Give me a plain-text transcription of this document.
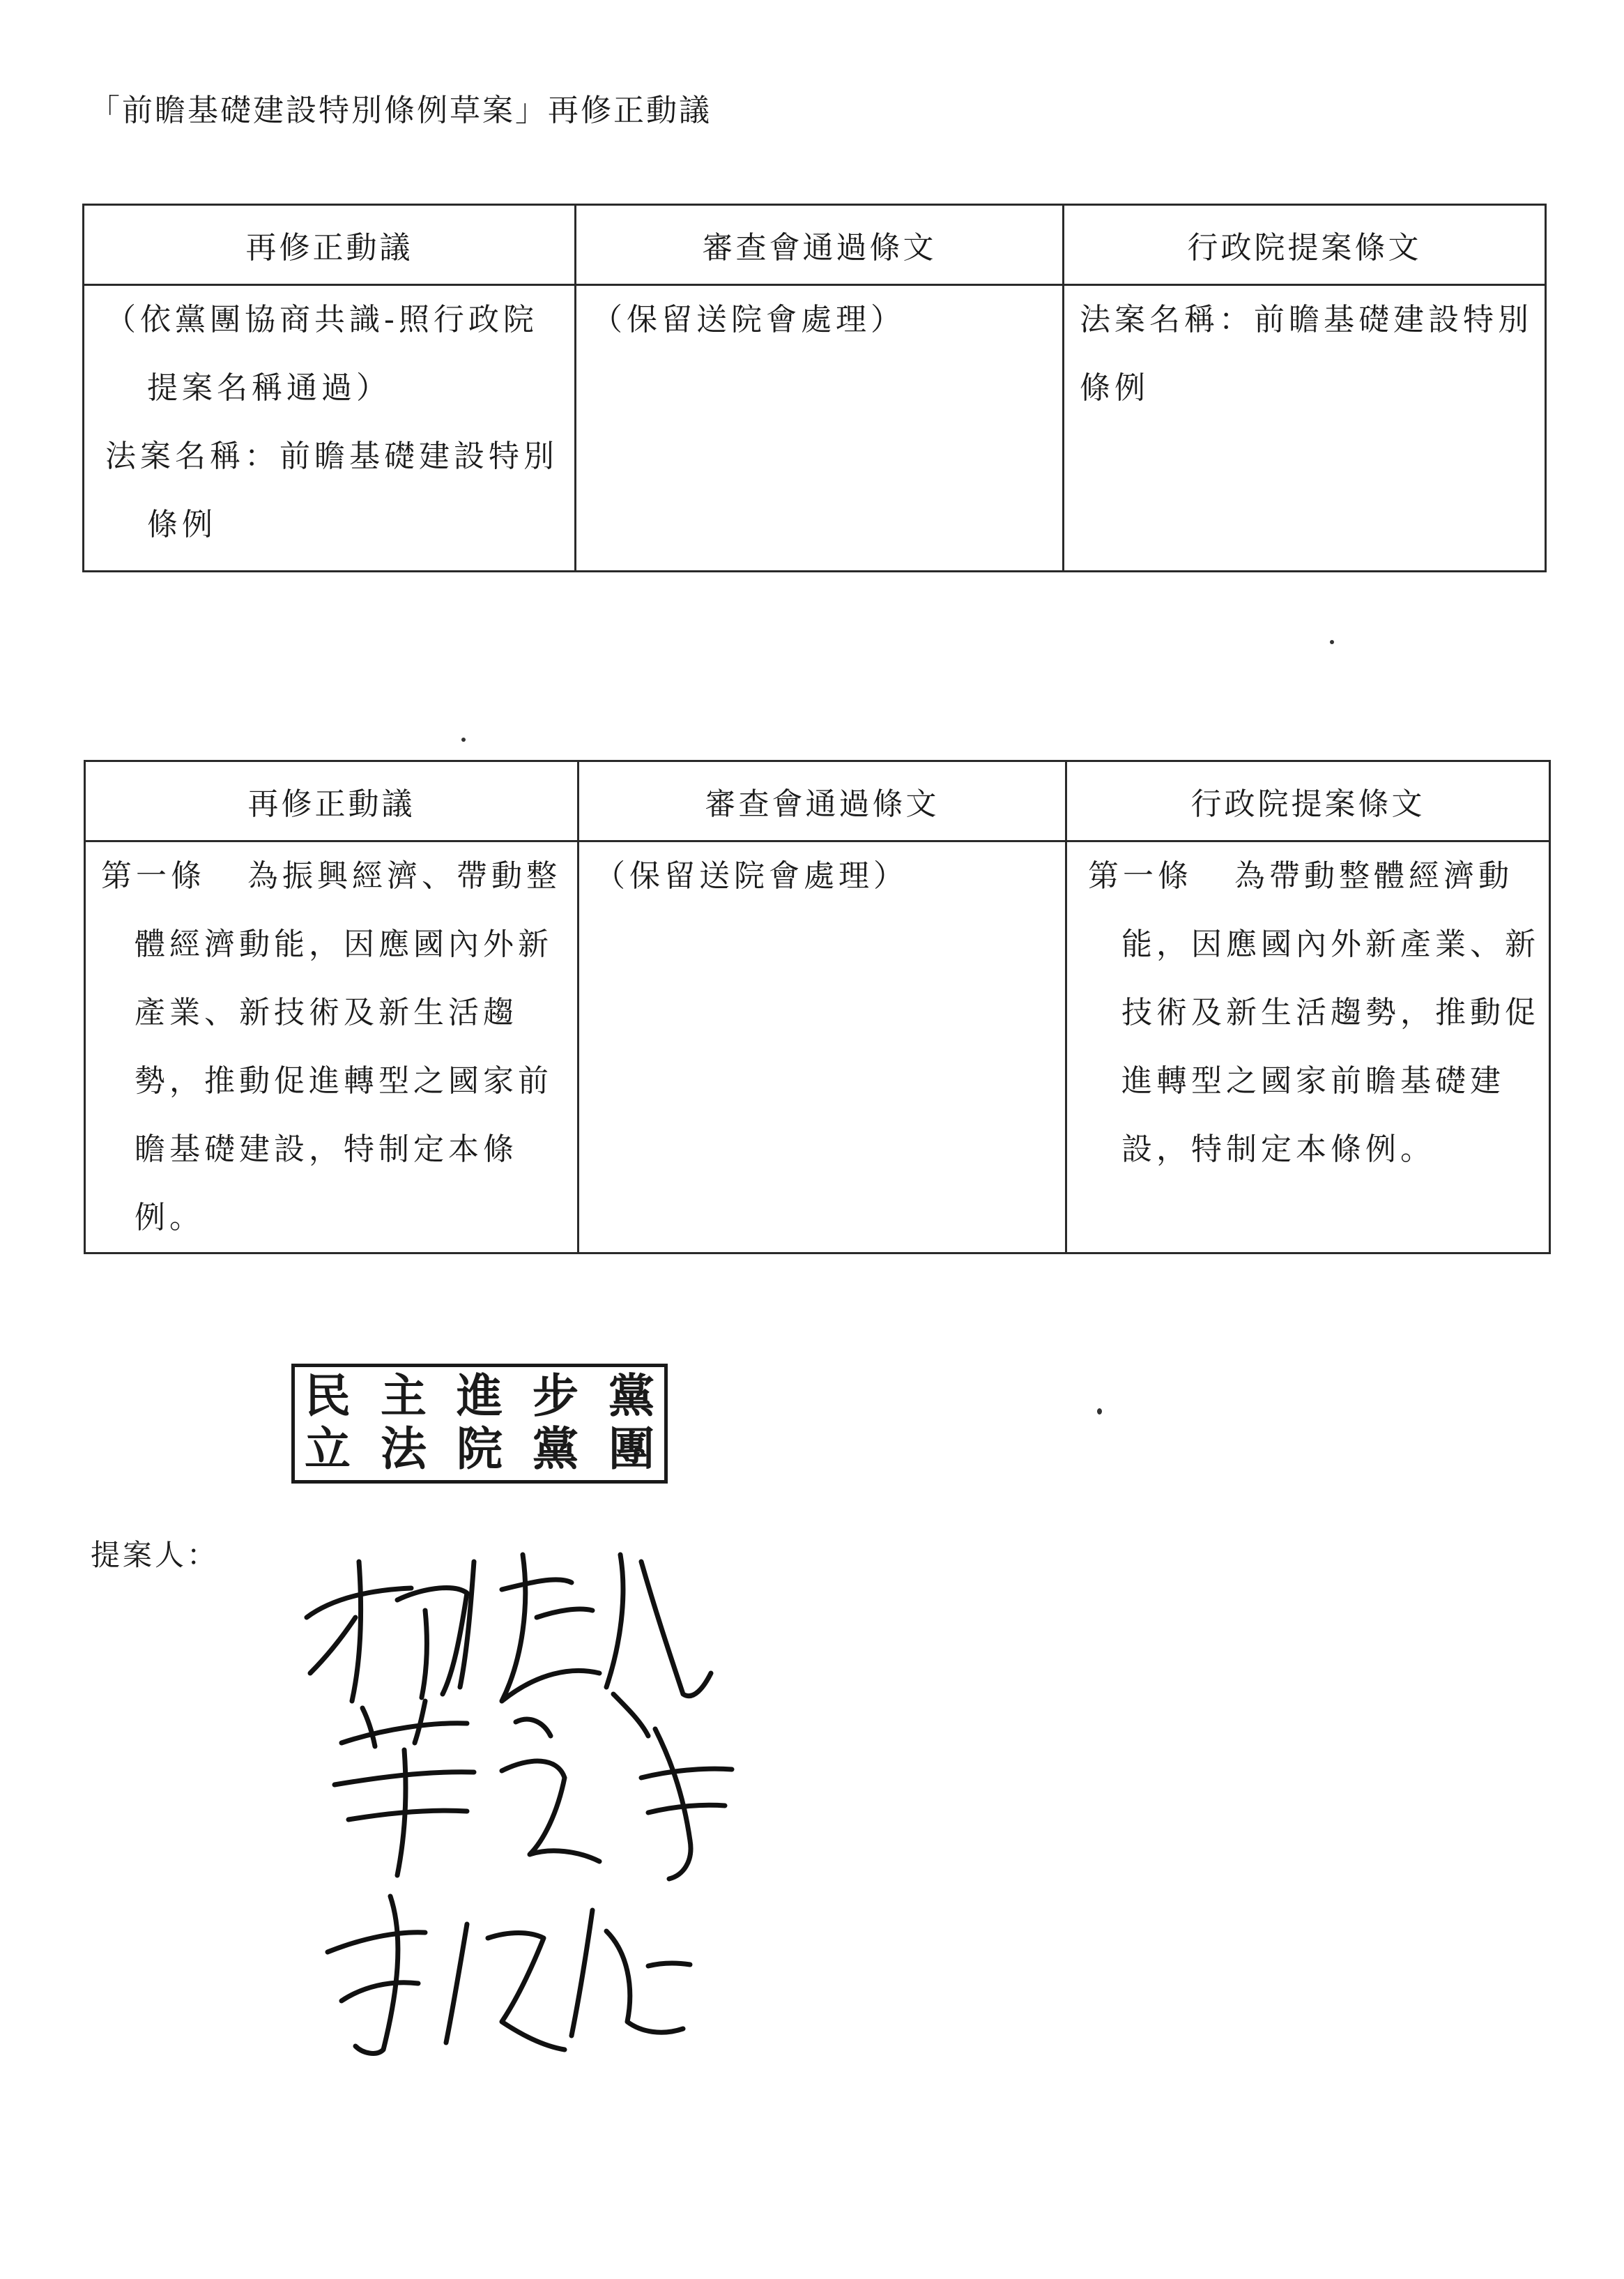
「前瞻基礎建設特別條例草案」再修正動議
再修正動議	審查會通過條文	行政院提案條文

（依黨團協商共識-照行政院提案名稱通過）

法案名稱：前瞻基礎建設特別條例	（保留送院會處理）	法案名稱：前瞻基礎建設特別條例
再修正動議	審查會通過條文	行政院提案條文

第一條 為振興經濟、帶動整體經濟動能，因應國內外新產業、新技術及新生活趨勢，推動促進轉型之國家前瞻基礎建設，特制定本條例。	（保留送院會處理）	第一條 為帶動整體經濟動能，因應國內外新產業、新技術及新生活趨勢，推動促進轉型之國家前瞻基礎建設，特制定本條例。

民 主 進 步 黨
立 法 院 黨 團
提案人：
